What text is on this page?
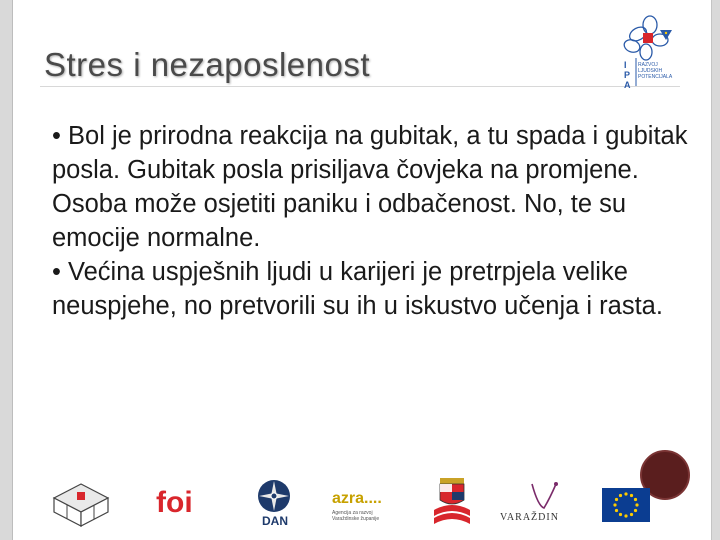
Stres i nezaposlenost

• Bol je prirodna reakcija na gubitak, a tu spada i gubitak posla. Gubitak posla prisiljava čovjeka na promjene. Osoba može osjetiti paniku i odbačenost. No, te su emocije normalne.

• Većina uspješnih ljudi u karijeri je pretrpjela velike neuspjehe, no pretvorili su ih u iskustvo učenja i rasta.

I
P
A
RAZVOJ
LJUDSKIH
POTENCIJALA
foi
DAN
azra....
Agencija za razvoj Varaždinske županije	VARAŽDIN
